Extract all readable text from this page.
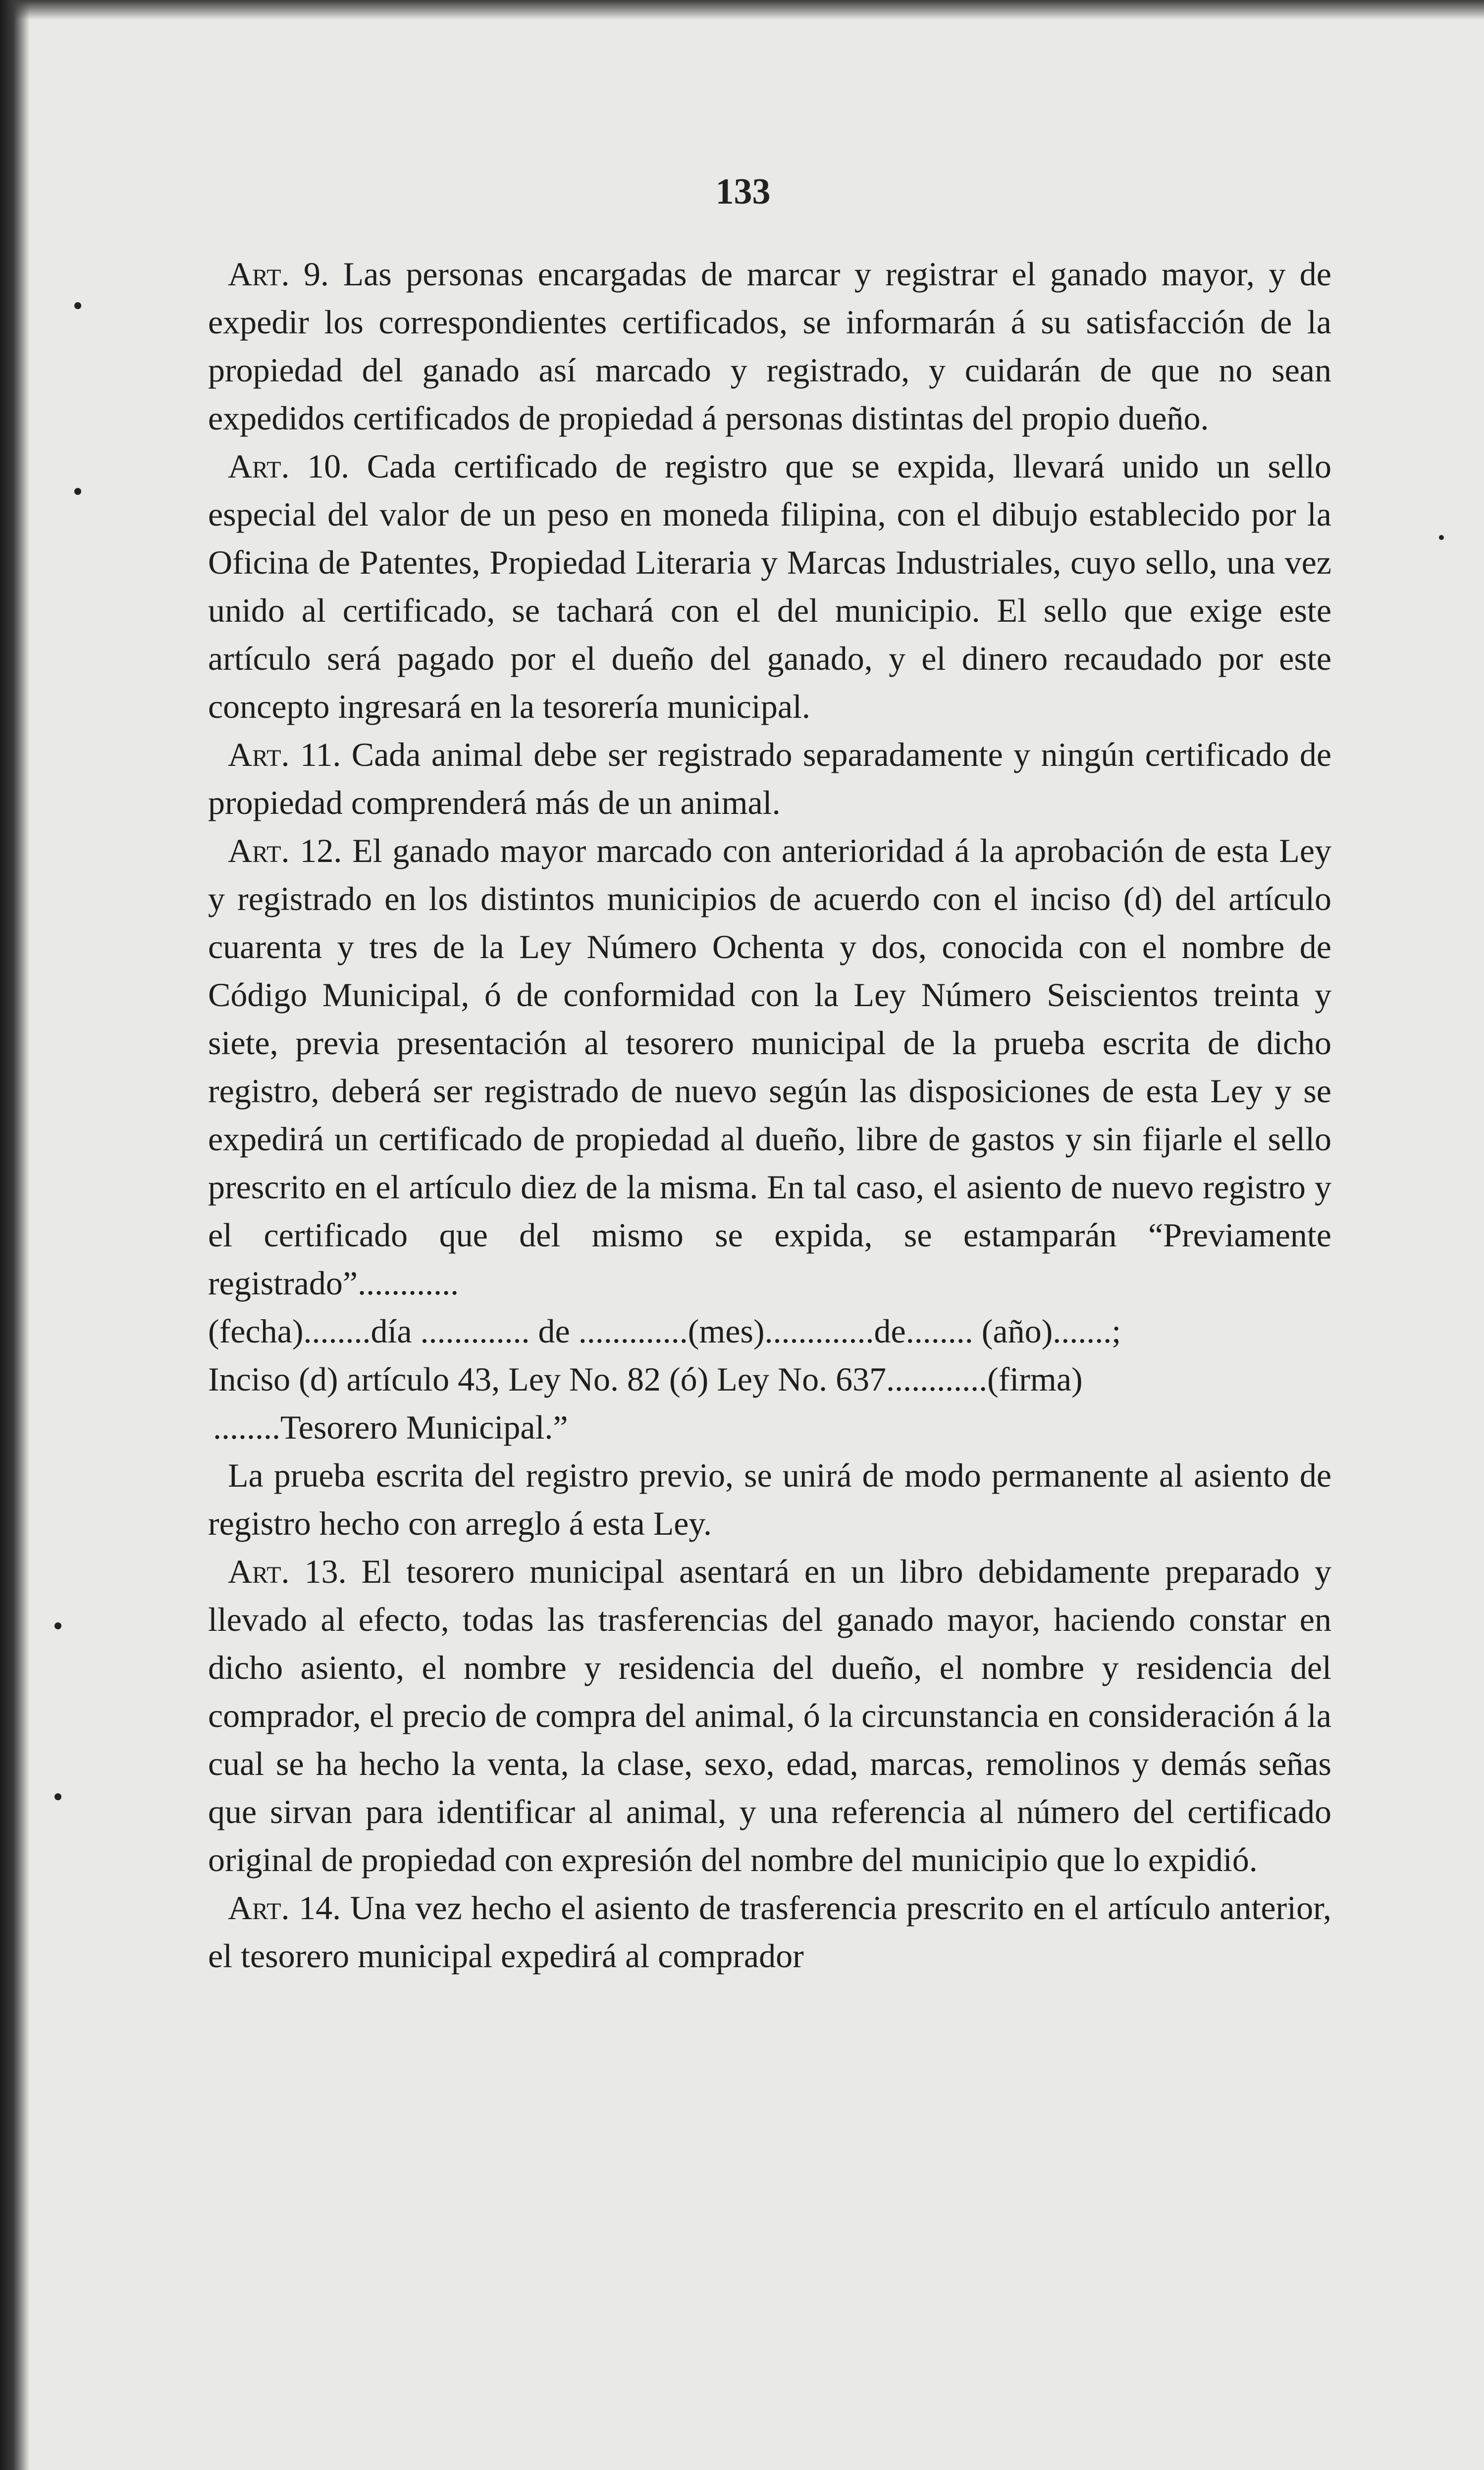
133

Art. 9. Las personas encargadas de marcar y registrar el ganado mayor, y de expedir los correspondientes certificados, se informarán á su satisfacción de la propiedad del ganado así marcado y registrado, y cuidarán de que no sean expedidos certificados de propiedad á personas distintas del propio dueño.

Art. 10. Cada certificado de registro que se expida, llevará unido un sello especial del valor de un peso en moneda filipina, con el dibujo establecido por la Oficina de Patentes, Propiedad Literaria y Marcas Industriales, cuyo sello, una vez unido al certificado, se tachará con el del municipio. El sello que exige este artículo será pagado por el dueño del ganado, y el dinero recaudado por este concepto ingresará en la tesorería municipal.

Art. 11. Cada animal debe ser registrado separadamente y ningún certificado de propiedad comprenderá más de un animal.

Art. 12. El ganado mayor marcado con anterioridad á la aprobación de esta Ley y registrado en los distintos municipios de acuerdo con el inciso (d) del artículo cuarenta y tres de la Ley Número Ochenta y dos, conocida con el nombre de Código Municipal, ó de conformidad con la Ley Número Seiscientos treinta y siete, previa presentación al tesorero municipal de la prueba escrita de dicho registro, deberá ser registrado de nuevo según las disposiciones de esta Ley y se expedirá un certificado de propiedad al dueño, libre de gastos y sin fijarle el sello prescrito en el artículo diez de la misma. En tal caso, el asiento de nuevo registro y el certificado que del mismo se expida, se estamparán “Previamente registrado”............

(fecha)........día ............. de .............(mes).............de........ (año).......;

Inciso (d) artículo 43, Ley No. 82 (ó) Ley No. 637............(firma)

........Tesorero Municipal.”

La prueba escrita del registro previo, se unirá de modo permanente al asiento de registro hecho con arreglo á esta Ley.

Art. 13. El tesorero municipal asentará en un libro debidamente preparado y llevado al efecto, todas las trasferencias del ganado mayor, haciendo constar en dicho asiento, el nombre y residencia del dueño, el nombre y residencia del comprador, el precio de compra del animal, ó la circunstancia en consideración á la cual se ha hecho la venta, la clase, sexo, edad, marcas, remolinos y demás señas que sirvan para identificar al animal, y una referencia al número del certificado original de propiedad con expresión del nombre del municipio que lo expidió.

Art. 14. Una vez hecho el asiento de trasferencia prescrito en el artículo anterior, el tesorero municipal expedirá al comprador
